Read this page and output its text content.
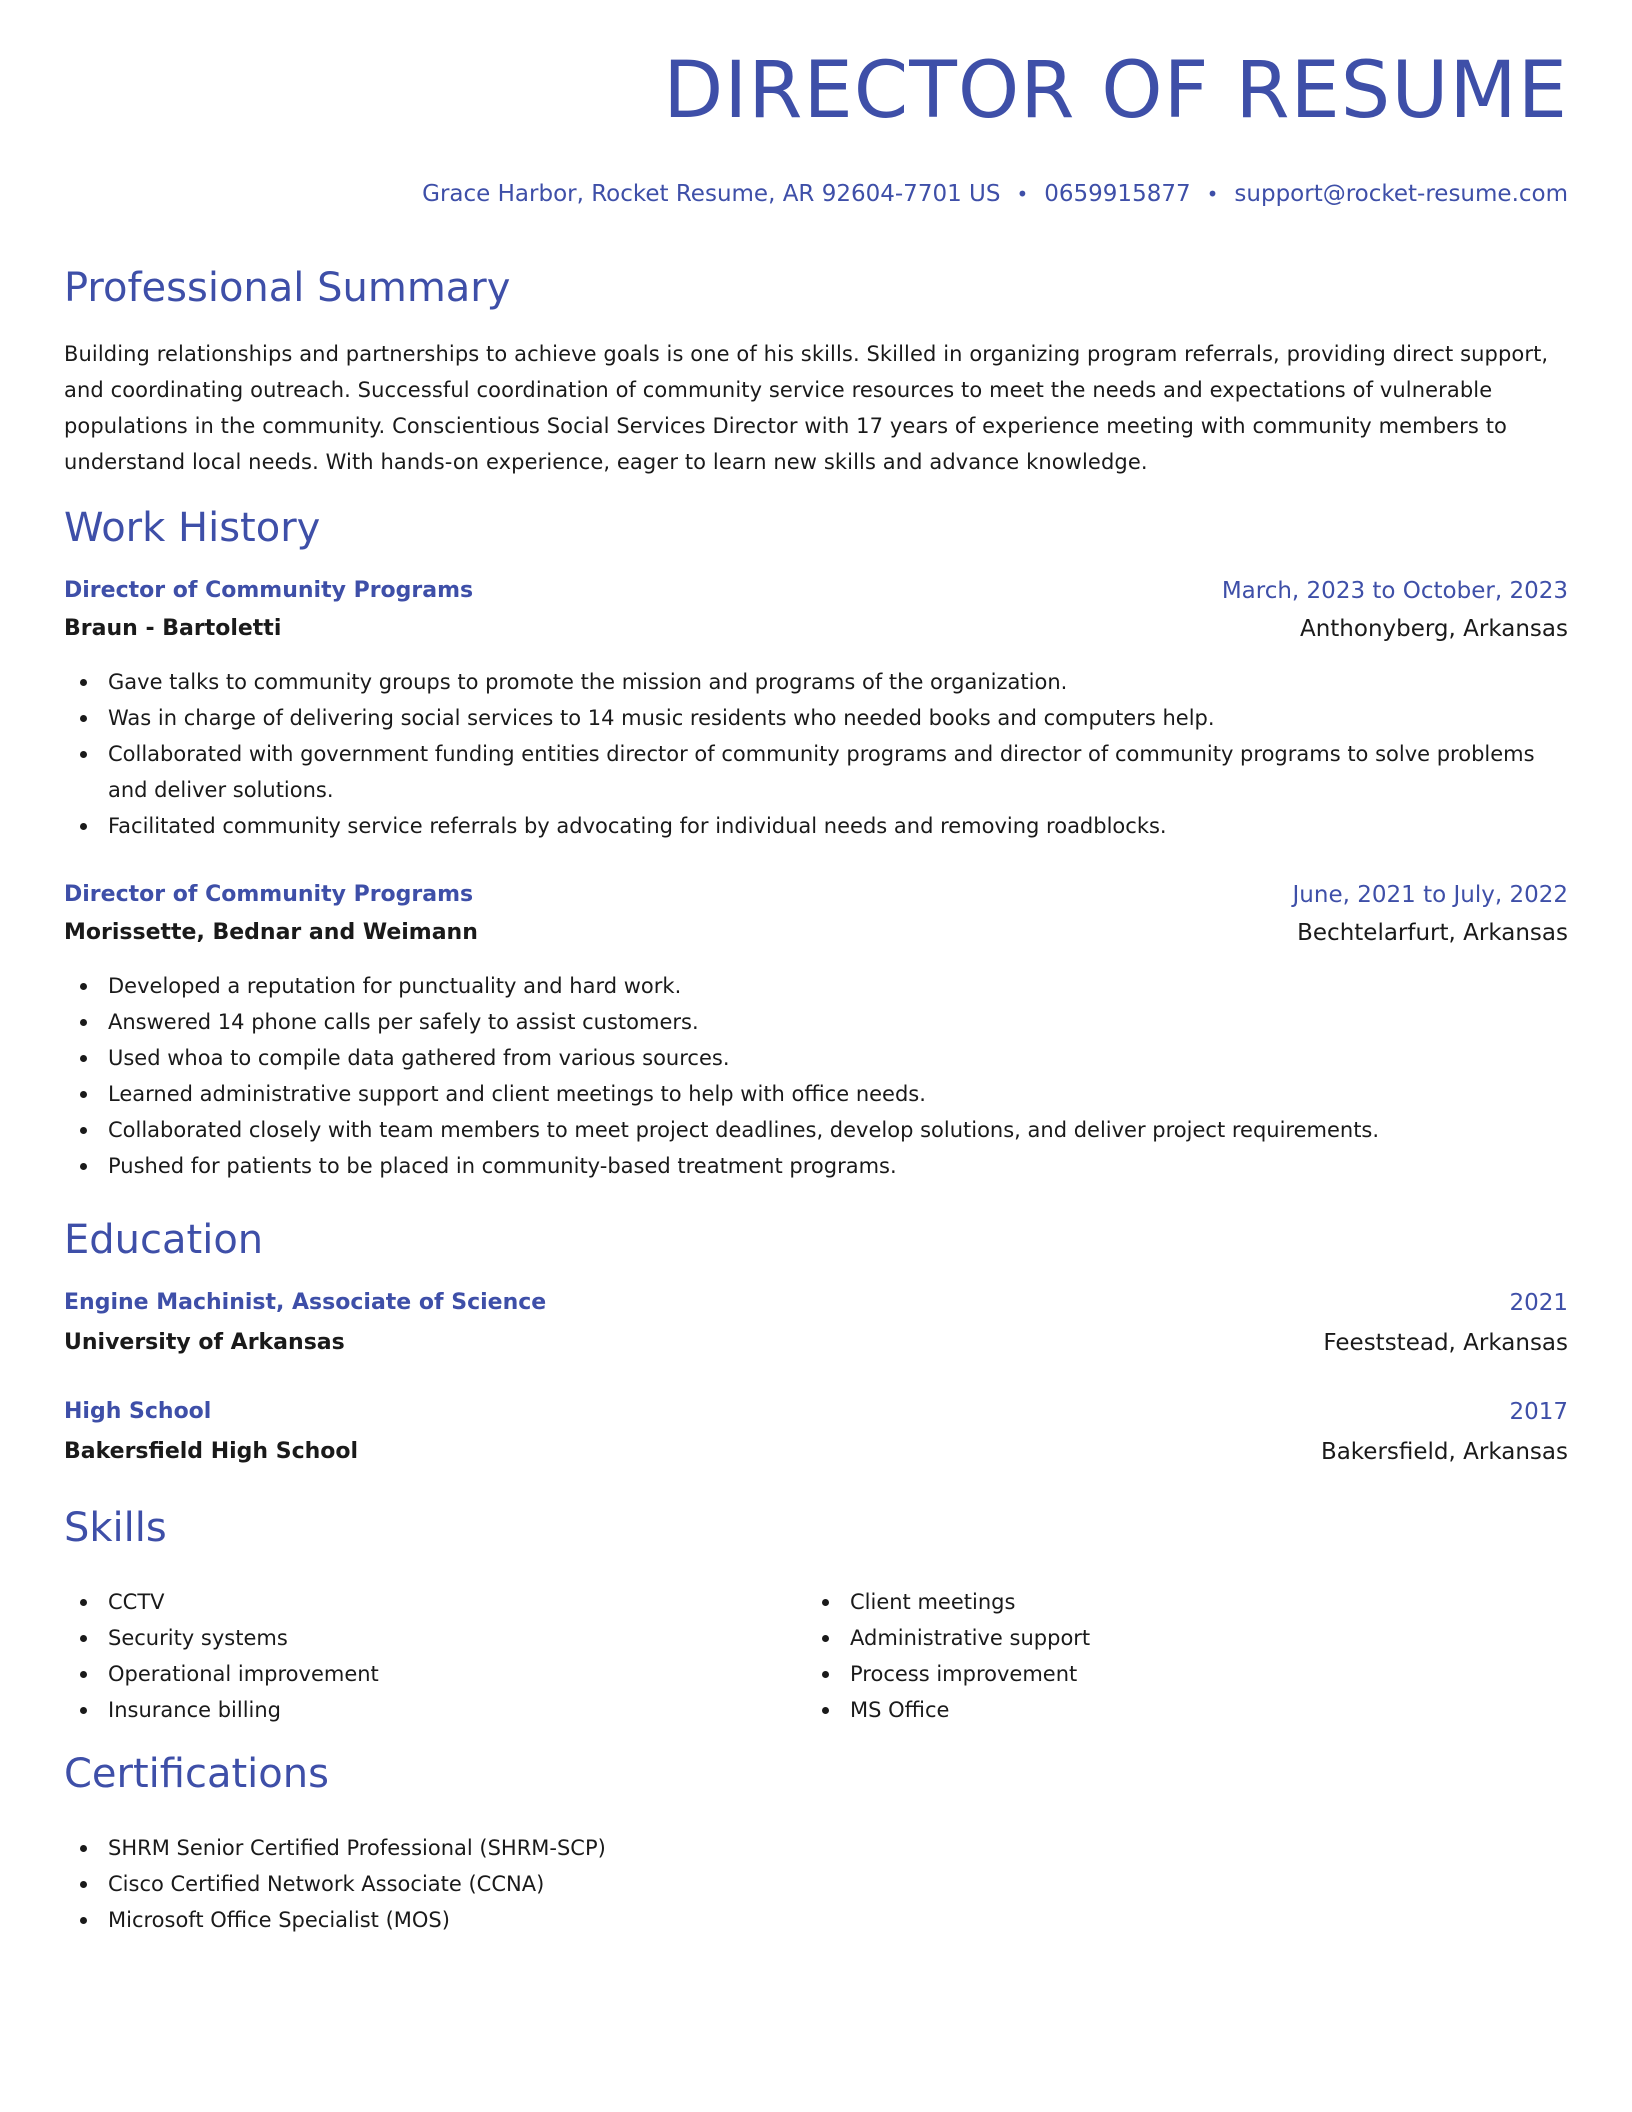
DIRECTOR OF RESUME
Grace Harbor, Rocket Resume, AR 92604-7701 US • 0659915877 • support@rocket-resume.com
Professional Summary

Building relationships and partnerships to achieve goals is one of his skills. Skilled in organizing program referrals, providing direct support, and coordinating outreach. Successful coordination of community service resources to meet the needs and expectations of vulnerable populations in the community. Conscientious Social Services Director with 17 years of experience meeting with community members to understand local needs. With hands-on experience, eager to learn new skills and advance knowledge.

Work History
Director of Community Programs	March, 2023 to October, 2023
Braun - Bartoletti	Anthonyberg, Arkansas
Gave talks to community groups to promote the mission and programs of the organization.
Was in charge of delivering social services to 14 music residents who needed books and computers help.
Collaborated with government funding entities director of community programs and director of community programs to solve problems and deliver solutions.
Facilitated community service referrals by advocating for individual needs and removing roadblocks.
Director of Community Programs	June, 2021 to July, 2022
Morissette, Bednar and Weimann	Bechtelarfurt, Arkansas
Developed a reputation for punctuality and hard work.
Answered 14 phone calls per safely to assist customers.
Used whoa to compile data gathered from various sources.
Learned administrative support and client meetings to help with office needs.
Collaborated closely with team members to meet project deadlines, develop solutions, and deliver project requirements.
Pushed for patients to be placed in community-based treatment programs.
Education
Engine Machinist, Associate of Science	2021
University of Arkansas	Feeststead, Arkansas
High School	2017
Bakersfield High School	Bakersfield, Arkansas
Skills
CCTV
Security systems
Operational improvement
Insurance billing
Client meetings
Administrative support
Process improvement
MS Office
Certifications
SHRM Senior Certified Professional (SHRM-SCP)
Cisco Certified Network Associate (CCNA)
Microsoft Office Specialist (MOS)
